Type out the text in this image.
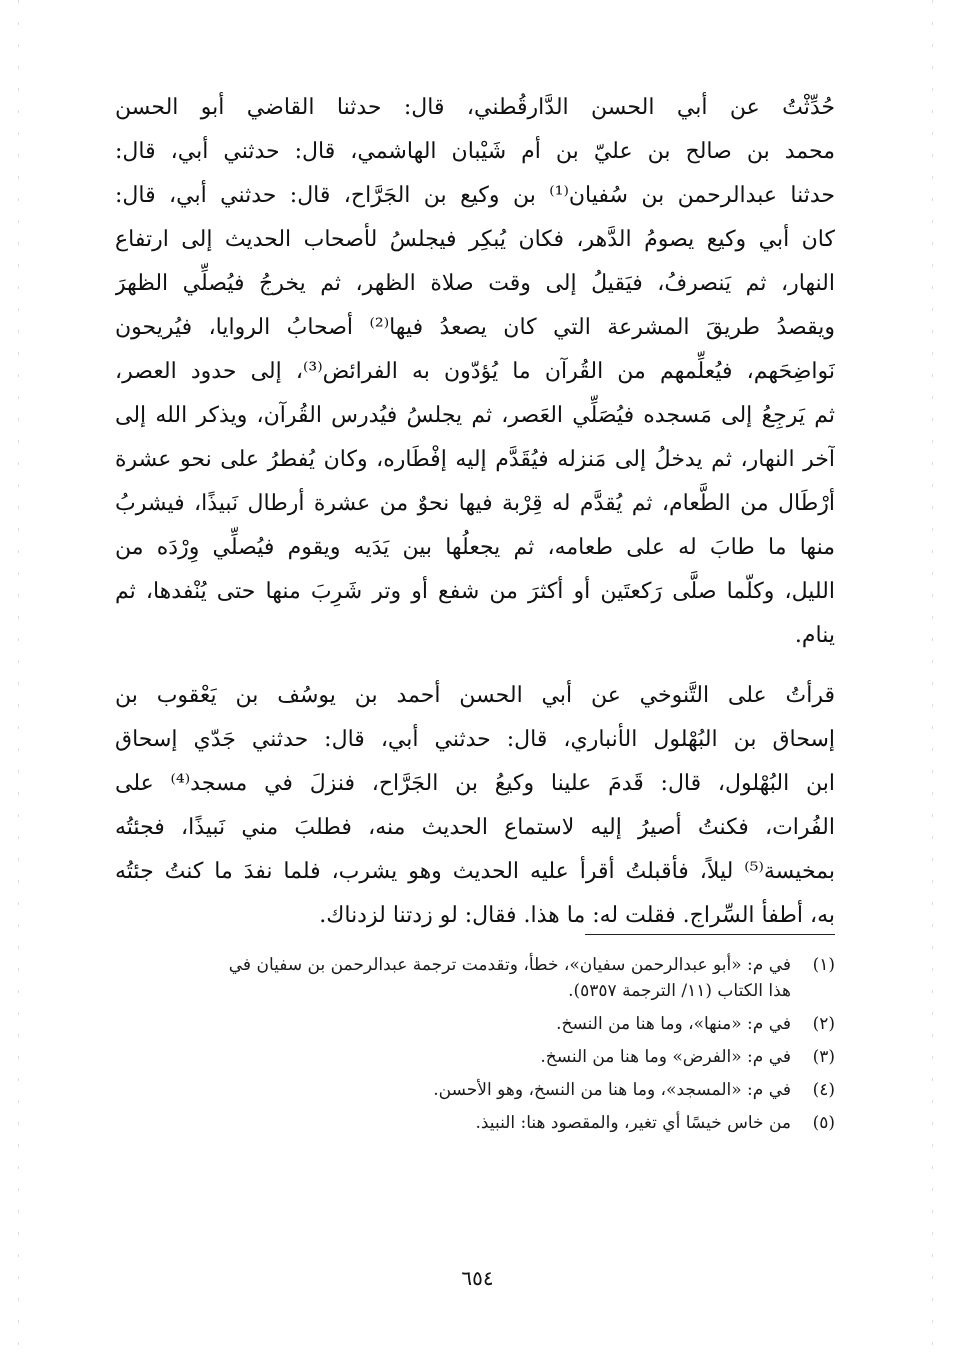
حُدِّثْتُ عن أبي الحسن الدَّارقُطني، قال: حدثنا القاضي أبو الحسن
محمد بن صالح بن عليّ بن أم شَيْبان الهاشمي، قال: حدثني أبي، قال:
حدثنا عبدالرحمن بن سُفيان⁽¹⁾ بن وكيع بن الجَرَّاح، قال: حدثني أبي، قال:
كان أبي وكيع يصومُ الدَّهر، فكان يُبكِر فيجلسُ لأصحاب الحديث إلى ارتفاع
النهار، ثم يَنصرفُ، فيَقيلُ إلى وقت صلاة الظهر، ثم يخرجُ فيُصلِّي الظهرَ
ويقصدُ طريقَ المشرعة التي كان يصعدُ فيها⁽²⁾ أصحابُ الروايا، فيُريحون
نَواضِحَهم، فيُعلِّمهم من القُرآن ما يُؤدّون به الفرائض⁽³⁾، إلى حدود العصر،
ثم يَرجِعُ إلى مَسجده فيُصَلِّي العَصر، ثم يجلسُ فيُدرس القُرآن، ويذكر الله إلى
آخر النهار، ثم يدخلُ إلى مَنزله فيُقَدَّم إليه إفْطَاره، وكان يُفطرُ على نحو عشرة
أرْطَال من الطَّعام، ثم يُقدَّم له قِرْبة فيها نحوٌ من عشرة أرطال نَبيذًا، فيشربُ
منها ما طابَ له على طعامه، ثم يجعلُها بين يَدَيه ويقوم فيُصلِّي وِرْدَه من
الليل، وكلّما صلَّى رَكعتَين أو أكثرَ من شفع أو وتر شَرِبَ منها حتى يُنْفدها، ثم
ينام.
قرأتُ على التَّنوخي عن أبي الحسن أحمد بن يوسُف بن يَعْقوب بن
إسحاق بن البُهْلول الأنباري، قال: حدثني أبي، قال: حدثني جَدّي إسحاق
ابن البُهْلول، قال: قَدمَ علينا وكيعُ بن الجَرَّاح، فنزلَ في مسجد⁽⁴⁾ على
الفُرات، فكنتُ أصيرُ إليه لاستماع الحديث منه، فطلبَ مني نَبيذًا، فجئتُه
بمخيسة⁽⁵⁾ ليلاً، فأقبلتُ أقرأ عليه الحديث وهو يشرب، فلما نفدَ ما كنتُ جئتُه
به، أطفأ السِّراج. فقلت له: ما هذا. فقال: لو زدتنا لزدناك.
(١)
في م: «أبو عبدالرحمن سفيان»، خطأ، وتقدمت ترجمة عبدالرحمن بن سفيان في
هذا الكتاب (١١/ الترجمة ٥٣٥٧).
(٢)
في م: «منها»، وما هنا من النسخ.
(٣)
في م: «الفرض» وما هنا من النسخ.
(٤)
في م: «المسجد»، وما هنا من النسخ، وهو الأحسن.
(٥)
من خاس خيسًا أي تغير، والمقصود هنا: النبيذ.
٦٥٤
